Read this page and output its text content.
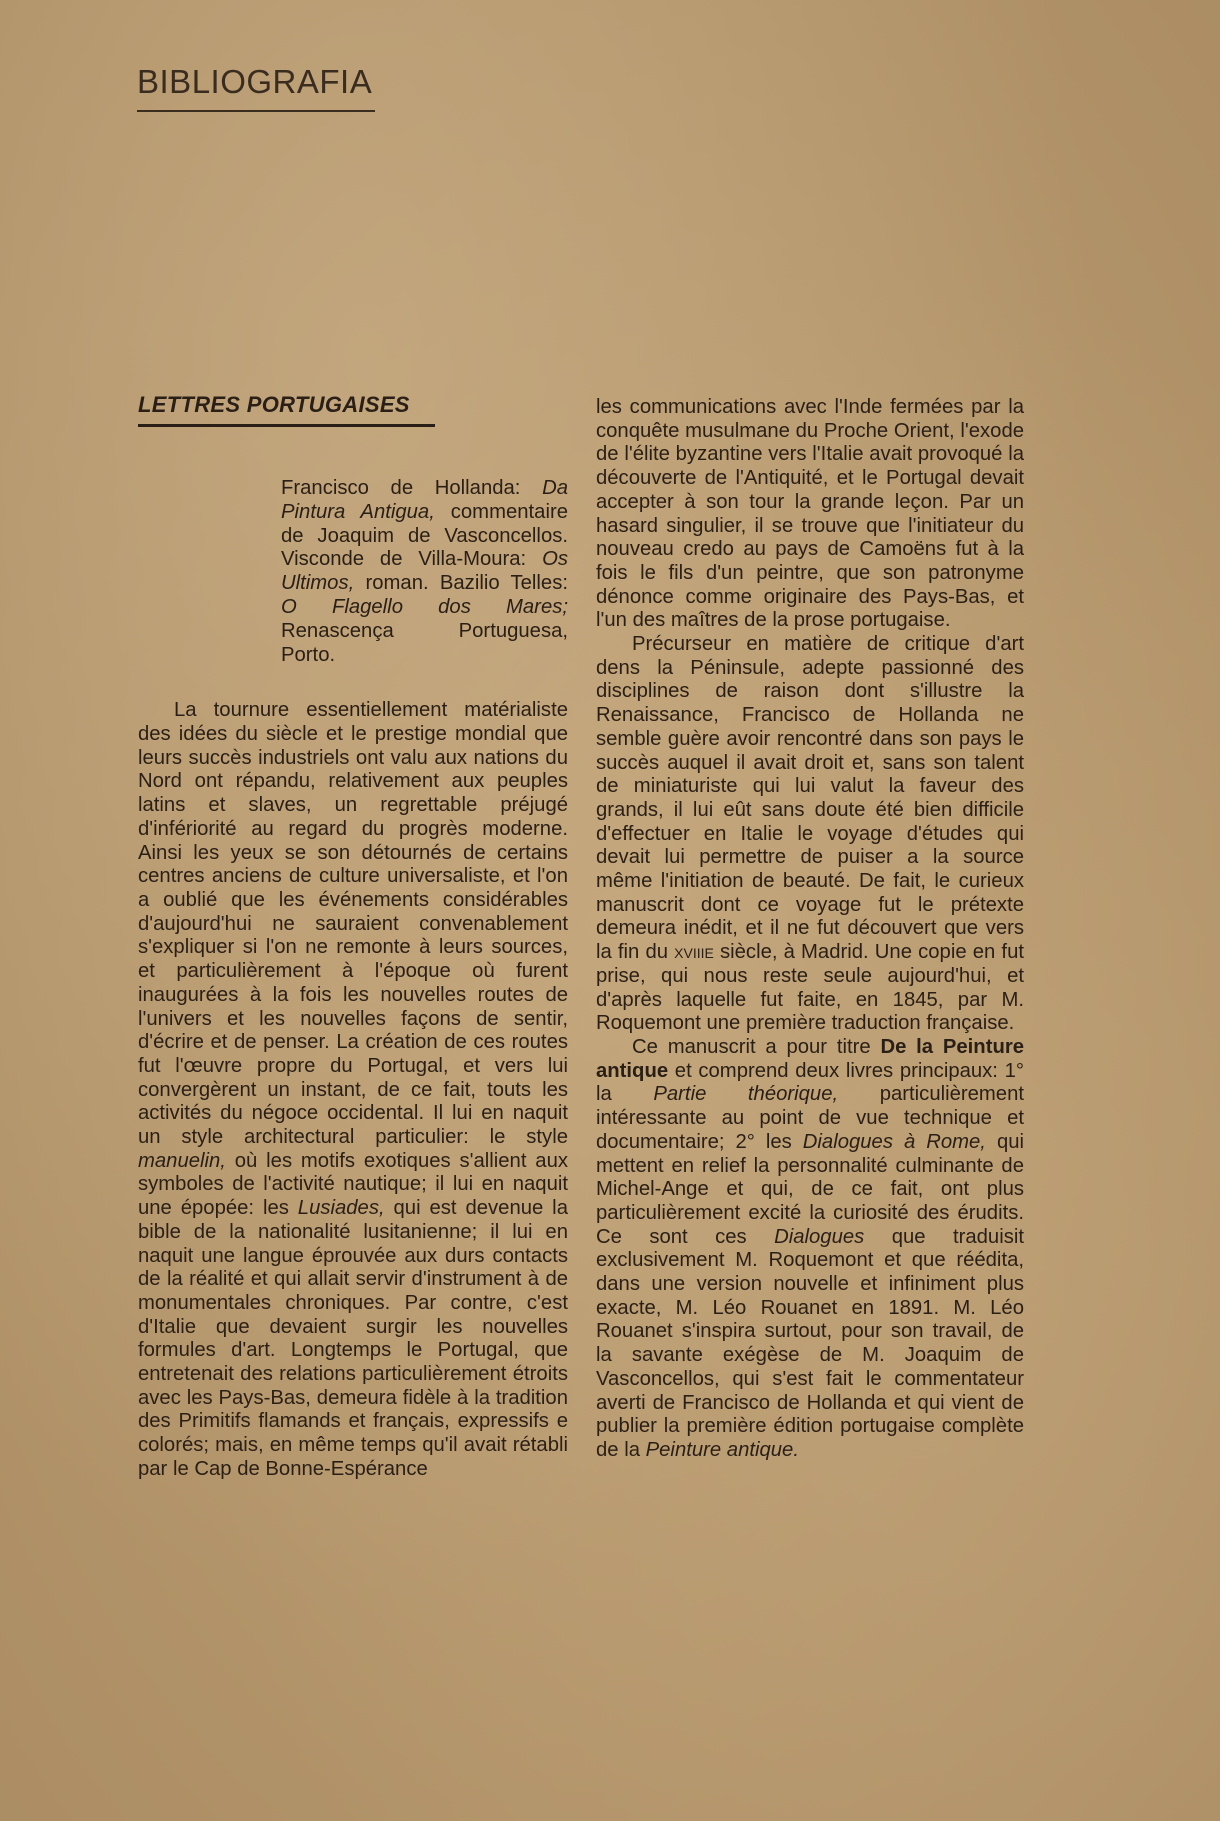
BIBLIOGRAFIA
LETTRES PORTUGAISES
Francisco de Hollanda: Da Pintura Antigua, commentaire de Joaquim de Vasconcellos. Visconde de Villa-Moura: Os Ultimos, roman. Bazilio Telles: O Flagello dos Mares; Renascença Portuguesa, Porto.

La tournure essentiellement matérialiste des idées du siècle et le prestige mondial que leurs succès industriels ont valu aux nations du Nord ont répandu, relativement aux peuples latins et slaves, un regrettable préjugé d'infériorité au regard du progrès moderne. Ainsi les yeux se son détournés de certains centres anciens de culture universaliste, et l'on a oublié que les événements considérables d'aujourd'hui ne sauraient convenablement s'expliquer si l'on ne remonte à leurs sources, et particulièrement à l'époque où furent inaugurées à la fois les nouvelles routes de l'univers et les nouvelles façons de sentir, d'écrire et de penser. La création de ces routes fut l'œuvre propre du Portugal, et vers lui convergèrent un instant, de ce fait, touts les activités du négoce occidental. Il lui en naquit un style architectural particulier: le style manuelin, où les motifs exotiques s'allient aux symboles de l'activité nautique; il lui en naquit une épopée: les Lusiades, qui est devenue la bible de la nationalité lusitanienne; il lui en naquit une langue éprouvée aux durs contacts de la réalité et qui allait servir d'instrument à de monumentales chroniques. Par contre, c'est d'Italie que devaient surgir les nouvelles formules d'art. Longtemps le Portugal, que entretenait des relations particulièrement étroits avec les Pays-Bas, demeura fidèle à la tradition des Primitifs flamands et français, expressifs e colorés; mais, en même temps qu'il avait rétabli par le Cap de Bonne-Espérance

les communications avec l'Inde fermées par la conquête musulmane du Proche Orient, l'exode de l'élite byzantine vers l'Italie avait provoqué la découverte de l'Antiquité, et le Portugal devait accepter à son tour la grande leçon. Par un hasard singulier, il se trouve que l'initiateur du nouveau credo au pays de Camoëns fut à la fois le fils d'un peintre, que son patronyme dénonce comme originaire des Pays-Bas, et l'un des maîtres de la prose portugaise.

Précurseur en matière de critique d'art dens la Péninsule, adepte passionné des disciplines de raison dont s'illustre la Renaissance, Francisco de Hollanda ne semble guère avoir rencontré dans son pays le succès auquel il avait droit et, sans son talent de miniaturiste qui lui valut la faveur des grands, il lui eût sans doute été bien difficile d'effectuer en Italie le voyage d'études qui devait lui permettre de puiser a la source même l'initiation de beauté. De fait, le curieux manuscrit dont ce voyage fut le prétexte demeura inédit, et il ne fut découvert que vers la fin du xviiie siècle, à Madrid. Une copie en fut prise, qui nous reste seule aujourd'hui, et d'après laquelle fut faite, en 1845, par M. Roquemont une première traduction française.

Ce manuscrit a pour titre De la Peinture antique et comprend deux livres principaux: 1° la Partie théorique, particulièrement intéressante au point de vue technique et documentaire; 2° les Dialogues à Rome, qui mettent en relief la personnalité culminante de Michel-Ange et qui, de ce fait, ont plus particulièrement excité la curiosité des érudits. Ce sont ces Dialogues que traduisit exclusivement M. Roquemont et que réédita, dans une version nouvelle et infiniment plus exacte, M. Léo Rouanet en 1891. M. Léo Rouanet s'inspira surtout, pour son travail, de la savante exégèse de M. Joaquim de Vasconcellos, qui s'est fait le commentateur averti de Francisco de Hollanda et qui vient de publier la première édition portugaise complète de la Peinture antique.
